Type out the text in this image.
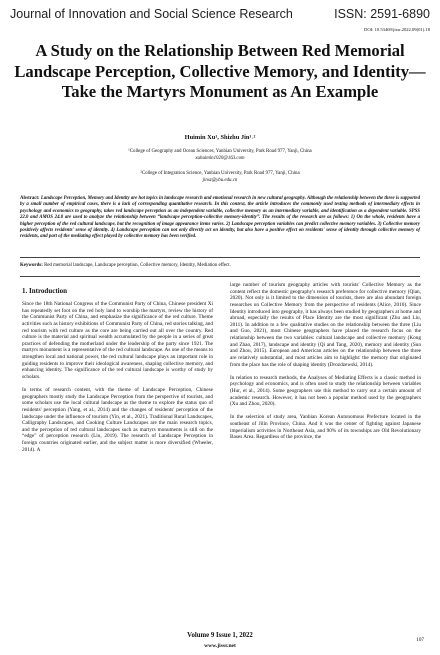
Journal of Innovation and Social Science Research	ISSN: 2591-6890
DOI: 10.53469/jissr.2022.09(01).18
A Study on the Relationship Between Red Memorial Landscape Perception, Collective Memory, and Identity—Take the Martyrs Monument as An Example
Huimin Xu¹, Shizhu Jin¹˒²
¹College of Geography and Ocean Sciences, Yanbian University, Park Road 977, Yanji, China
xuhuimin1020@163.com
²College of Integration Science, Yanbian University, Park Road 977, Yanji, China
jinsz@ybu.edu.cn
Abstract: Landscape Perception, Memory and Identity are hot topics in landscape research and emotional research in new cultural geography. Although the relationship between the three is supported by a small number of empirical cases, there is a lack of corresponding quantitative research. In this context, the article introduces the commonly used testing methods of intermediary effects in psychology and economics to geography, takes red landscape perception as an independent variable, collective memory as an intermediary variable, and identification as a dependent variable. SPSS 22.0 and AMOS 24.0 are used to analyze the relationship between “landscape perception-collective memory-identity”. The results of the research are as follows: 1) On the whole, residents have a higher perception of the red cultural landscape, but the recognition of image appearance items varies. 2) Landscape perception variables can predict collective memory variables. 3) Collective memory positively affects residents' sense of identity. 4) Landscape perception can not only directly act on identity, but also have a positive effect on residents' sense of identity through collective memory of residents, and part of the mediating effect played by collective memory has been verified.
Keywords: Red memorial landscape, Landscape perception, Collective memory, Identity, Mediation effect.
1. Introduction

Since the 18th National Congress of the Communist Party of China, Chinese president Xi has repeatedly set foot on the red holy land to worship the martyrs, review the history of the Communist Party of China, and emphasize the significance of the red culture. Theme activities such as history exhibitions of Communist Party of China, red stories talking, and red tourism with red culture as the core are being carried out all over the country. Red culture is the material and spiritual wealth accumulated by the people in a series of great practices of defending the motherland under the leadership of the party since 1921. The martyrs monument is a representative of the red cultural landscape. As one of the means to strengthen local and national power, the red cultural landscape plays an important role in guiding residents to improve their ideological awareness, shaping collective memory, and enhancing identity. The significance of the red cultural landscape is worthy of study by scholars.

In terms of research content, with the theme of Landscape Perception, Chinese geographers mostly study the Landscape Perception from the perspective of tourists, and some scholars use the local cultural landscape as the theme to explore the status quo of residents' perception (Yang, et al., 2014) and the changes of residents' perception of the landscape under the influence of tourism (Yin, et al., 2021). Traditional Rural Landscapes, Calligraphy Landscapes, and Cooking Culture Landscapes are the main research topics, and the perception of red cultural landscapes such as martyrs monuments is still on the “edge” of perception research (Liu, 2019). The research of Landscape Perception in foreign countries originated earlier, and the subject matter is more diversified (Wheeler, 2014). A

large number of tourism geography articles with tourists' Collective Memory as the content reflect the domestic geography's research preference for collective memory (Qian, 2020). Not only is it limited to the dimension of tourists, there are also abundant foreign researches on Collective Memory from the perspective of residents (Alice, 2010). Since Identity introduced into geography, it has always been studied by geographers at home and abroad, especially the results of Place Identity are the most significant (Zhu and Liu, 2011). In addition to a few qualitative studies on the relationship between the three (Liu and Guo, 2021), most Chinese geographers have placed the research focus on the relationship between the two variables: cultural landscape and collective memory (Kong and Zhao, 2017), landscape and identity (Qi and Tang, 2020), memory and identity (Sun and Zhou, 2015). European and American articles on the relationship between the three are relatively substantial, and most articles aim to highlight: the memory that originated from the place has the role of shaping identity (Drozdzewski, 2014).

In relation to research methods, the Analyses of Mediating Effects is a classic method in psychology and economics, and is often used to study the relationship between variables (Hur, et al., 2014). Some geographers use this method to carry out a certain amount of academic research. However, it has not been a popular method used by the geographers (Xu and Zhou, 2020).

In the selection of study area, Yanbian Korean Autonomous Prefecture located in the southeast of Jilin Province, China. And it was the center of fighting against Japanese imperialism activities in Northeast Asia, and 90% of its townships are Old Revolutionary Bases Area. Regardless of the province, the

Volume 9 Issue 1, 2022
www.jissr.net
107
